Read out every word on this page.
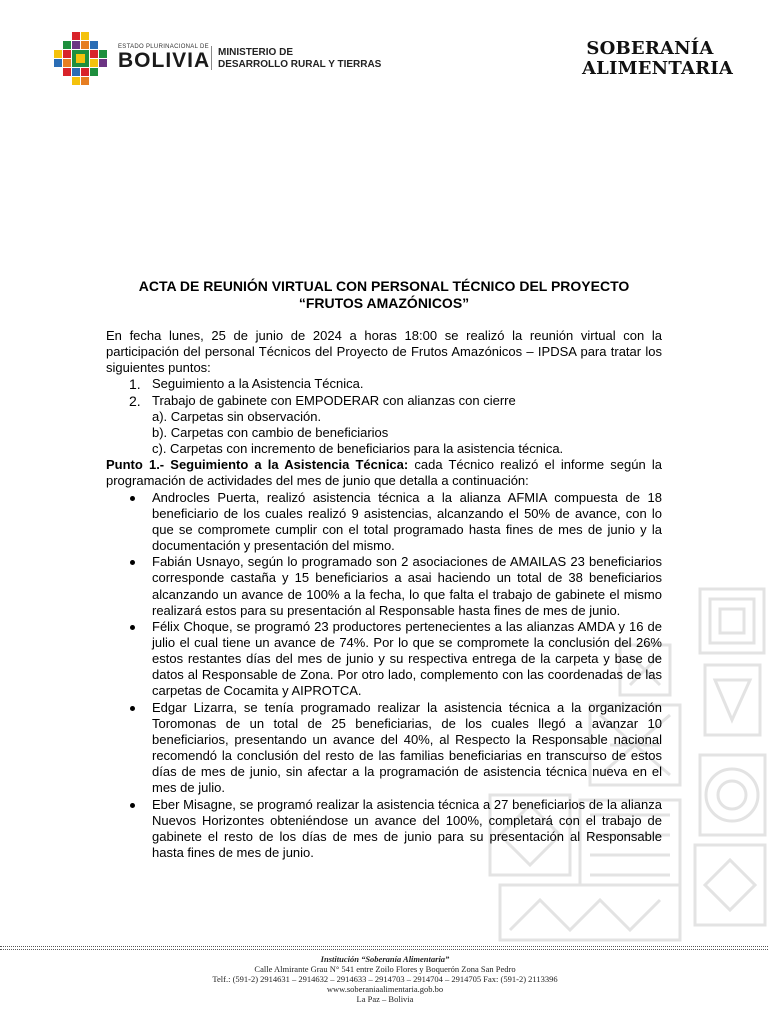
ESTADO PLURINACIONAL DE
BOLIVIA MINISTERIO DE
DESARROLLO RURAL Y TIERRAS
SOBERANÍA
ALIMENTARIA
ACTA DE REUNIÓN VIRTUAL CON PERSONAL TÉCNICO DEL PROYECTO
“FRUTOS AMAZÓNICOS”

En fecha lunes, 25 de junio de 2024 a horas 18:00 se realizó la reunión virtual con la participación del personal Técnicos del Proyecto de Frutos Amazónicos – IPDSA para tratar los siguientes puntos:

1. Seguimiento a la Asistencia Técnica.
2. Trabajo de gabinete con EMPODERAR con alianzas con cierre
a). Carpetas sin observación.
b). Carpetas con cambio de beneficiarios
c). Carpetas con incremento de beneficiarios para la asistencia técnica.

Punto 1.- Seguimiento a la Asistencia Técnica: cada Técnico realizó el informe según la programación de actividades del mes de junio que detalla a continuación:

Androcles Puerta, realizó asistencia técnica a la alianza AFMIA compuesta de 18 beneficiario de los cuales realizó 9 asistencias, alcanzando el 50% de avance, con lo que se compromete cumplir con el total programado hasta fines de mes de junio y la documentación y presentación del mismo.
Fabián Usnayo, según lo programado son 2 asociaciones de AMAILAS 23 beneficiarios corresponde castaña y 15 beneficiarios a asai haciendo un total de 38 beneficiarios alcanzando un avance de 100% a la fecha, lo que falta el trabajo de gabinete el mismo realizará estos para su presentación al Responsable hasta fines de mes de junio.
Félix Choque, se programó 23 productores pertenecientes a las alianzas AMDA y 16 de julio el cual tiene un avance de 74%. Por lo que se compromete la conclusión del 26% estos restantes días del mes de junio y su respectiva entrega de la carpeta y base de datos al Responsable de Zona. Por otro lado, complemento con las coordenadas de las carpetas de Cocamita y AIPROTCA.
Edgar Lizarra, se tenía programado realizar la asistencia técnica a la organización Toromonas de un total de 25 beneficiarias, de los cuales llegó a avanzar 10 beneficiarios, presentando un avance del 40%, al Respecto la Responsable nacional recomendó la conclusión del resto de las familias beneficiarias en transcurso de estos días de mes de junio, sin afectar a la programación de asistencia técnica nueva en el mes de julio.
Eber Misagne, se programó realizar la asistencia técnica a 27 beneficiarios de la alianza Nuevos Horizontes obteniéndose un avance del 100%, completará con el trabajo de gabinete el resto de los días de mes de junio para su presentación al Responsable hasta fines de mes de junio.
Institución “Soberanía Alimentaria”
Calle Almirante Grau N° 541 entre Zoilo Flores y Boquerón Zona San Pedro
Telf.: (591-2) 2914631 – 2914632 – 2914633 – 2914703 – 2914704 – 2914705 Fax: (591-2) 2113396
www.soberaniaalimentaria.gob.bo
La Paz – Bolivia
